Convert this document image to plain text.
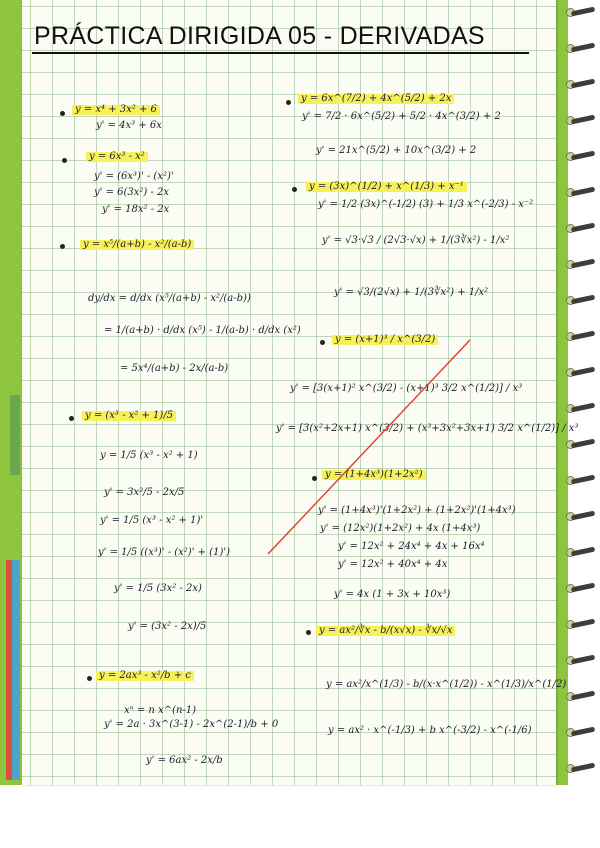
PRÁCTICA DIRIGIDA 05 - DERIVADAS
y = x⁴ + 3x² + 6
y' = 4x³ + 6x
y = 6x³ - x²
y' = (6x³)' - (x²)'
y' = 6(3x²) - 2x
y' = 18x² - 2x
y = x⁵/(a+b) - x²/(a-b)
dy/dx = d/dx (x⁵/(a+b) - x²/(a-b))
= 1/(a+b) · d/dx (x⁵) - 1/(a-b) · d/dx (x²)
= 5x⁴/(a+b) - 2x/(a-b)
y = (x³ - x² + 1)/5
y = 1/5 (x³ - x² + 1)
y' = 3x²/5 - 2x/5
y' = 1/5 (x³ - x² + 1)'
y' = 1/5 ((x³)' - (x²)' + (1)')
y' = 1/5 (3x² - 2x)
y' = (3x² - 2x)/5
y = 2ax³ - x²/b + c
xⁿ = n x^(n-1)
y' = 2a · 3x^(3-1) - 2x^(2-1)/b + 0
y' = 6ax² - 2x/b
y = 6x^(7/2) + 4x^(5/2) + 2x
y' = 7/2 · 6x^(5/2) + 5/2 · 4x^(3/2) + 2
y' = 21x^(5/2) + 10x^(3/2) + 2
y = (3x)^(1/2) + x^(1/3) + x⁻¹
y' = 1/2 (3x)^(-1/2) (3) + 1/3 x^(-2/3) - x⁻²
y' = √3·√3 / (2√3·√x) + 1/(3∛x²) - 1/x²
y' = √3/(2√x) + 1/(3∛x²) + 1/x²
y = (x+1)³ / x^(3/2)
y' = [3(x+1)² x^(3/2) - (x+1)³ 3/2 x^(1/2)] / x³
y' = [3(x²+2x+1) x^(3/2) + (x³+3x²+3x+1) 3/2 x^(1/2)] / x³
y = (1+4x³)(1+2x²)
y' = (1+4x³)'(1+2x²) + (1+2x²)'(1+4x³)
y' = (12x²)(1+2x²) + 4x (1+4x³)
y' = 12x² + 24x⁴ + 4x + 16x⁴
y' = 12x² + 40x⁴ + 4x
y' = 4x (1 + 3x + 10x³)
y = ax²/∛x - b/(x√x) - ∛x/√x
y = ax²/x^(1/3) - b/(x·x^(1/2)) - x^(1/3)/x^(1/2)
y = ax² · x^(-1/3) + b x^(-3/2) - x^(-1/6)
